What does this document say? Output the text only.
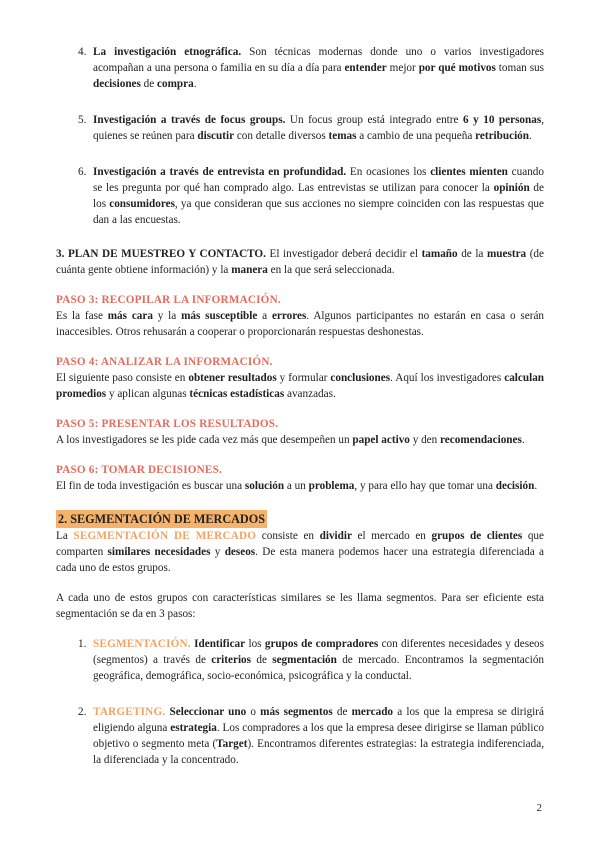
4. La investigación etnográfica. Son técnicas modernas donde uno o varios investigadores acompañan a una persona o familia en su día a día para entender mejor por qué motivos toman sus decisiones de compra.

5. Investigación a través de focus groups. Un focus group está integrado entre 6 y 10 personas, quienes se reúnen para discutir con detalle diversos temas a cambio de una pequeña retribución.

6. Investigación a través de entrevista en profundidad. En ocasiones los clientes mienten cuando se les pregunta por qué han comprado algo. Las entrevistas se utilizan para conocer la opinión de los consumidores, ya que consideran que sus acciones no siempre coinciden con las respuestas que dan a las encuestas.

3. PLAN DE MUESTREO Y CONTACTO. El investigador deberá decidir el tamaño de la muestra (de cuánta gente obtiene información) y la manera en la que será seleccionada.

PASO 3: RECOPILAR LA INFORMACIÓN.

Es la fase más cara y la más susceptible a errores. Algunos participantes no estarán en casa o serán inaccesibles. Otros rehusarán a cooperar o proporcionarán respuestas deshonestas.

PASO 4: ANALIZAR LA INFORMACIÓN.

El siguiente paso consiste en obtener resultados y formular conclusiones. Aquí los investigadores calculan promedios y aplican algunas técnicas estadísticas avanzadas.

PASO 5: PRESENTAR LOS RESULTADOS.

A los investigadores se les pide cada vez más que desempeñen un papel activo y den recomendaciones.

PASO 6: TOMAR DECISIONES.

El fin de toda investigación es buscar una solución a un problema, y para ello hay que tomar una decisión.

2. SEGMENTACIÓN DE MERCADOS

La SEGMENTACIÓN DE MERCADO consiste en dividir el mercado en grupos de clientes que comparten similares necesidades y deseos. De esta manera podemos hacer una estrategia diferenciada a cada uno de estos grupos.

A cada uno de estos grupos con características similares se les llama segmentos. Para ser eficiente esta segmentación se da en 3 pasos:

1. SEGMENTACIÓN. Identificar los grupos de compradores con diferentes necesidades y deseos (segmentos) a través de criterios de segmentación de mercado. Encontramos la segmentación geográfica, demográfica, socio-económica, psicográfica y la conductal.

2. TARGETING. Seleccionar uno o más segmentos de mercado a los que la empresa se dirigirá eligiendo alguna estrategia. Los compradores a los que la empresa desee dirigirse se llaman público objetivo o segmento meta (Target). Encontramos diferentes estrategias: la estrategia indiferenciada, la diferenciada y la concentrado.

2
